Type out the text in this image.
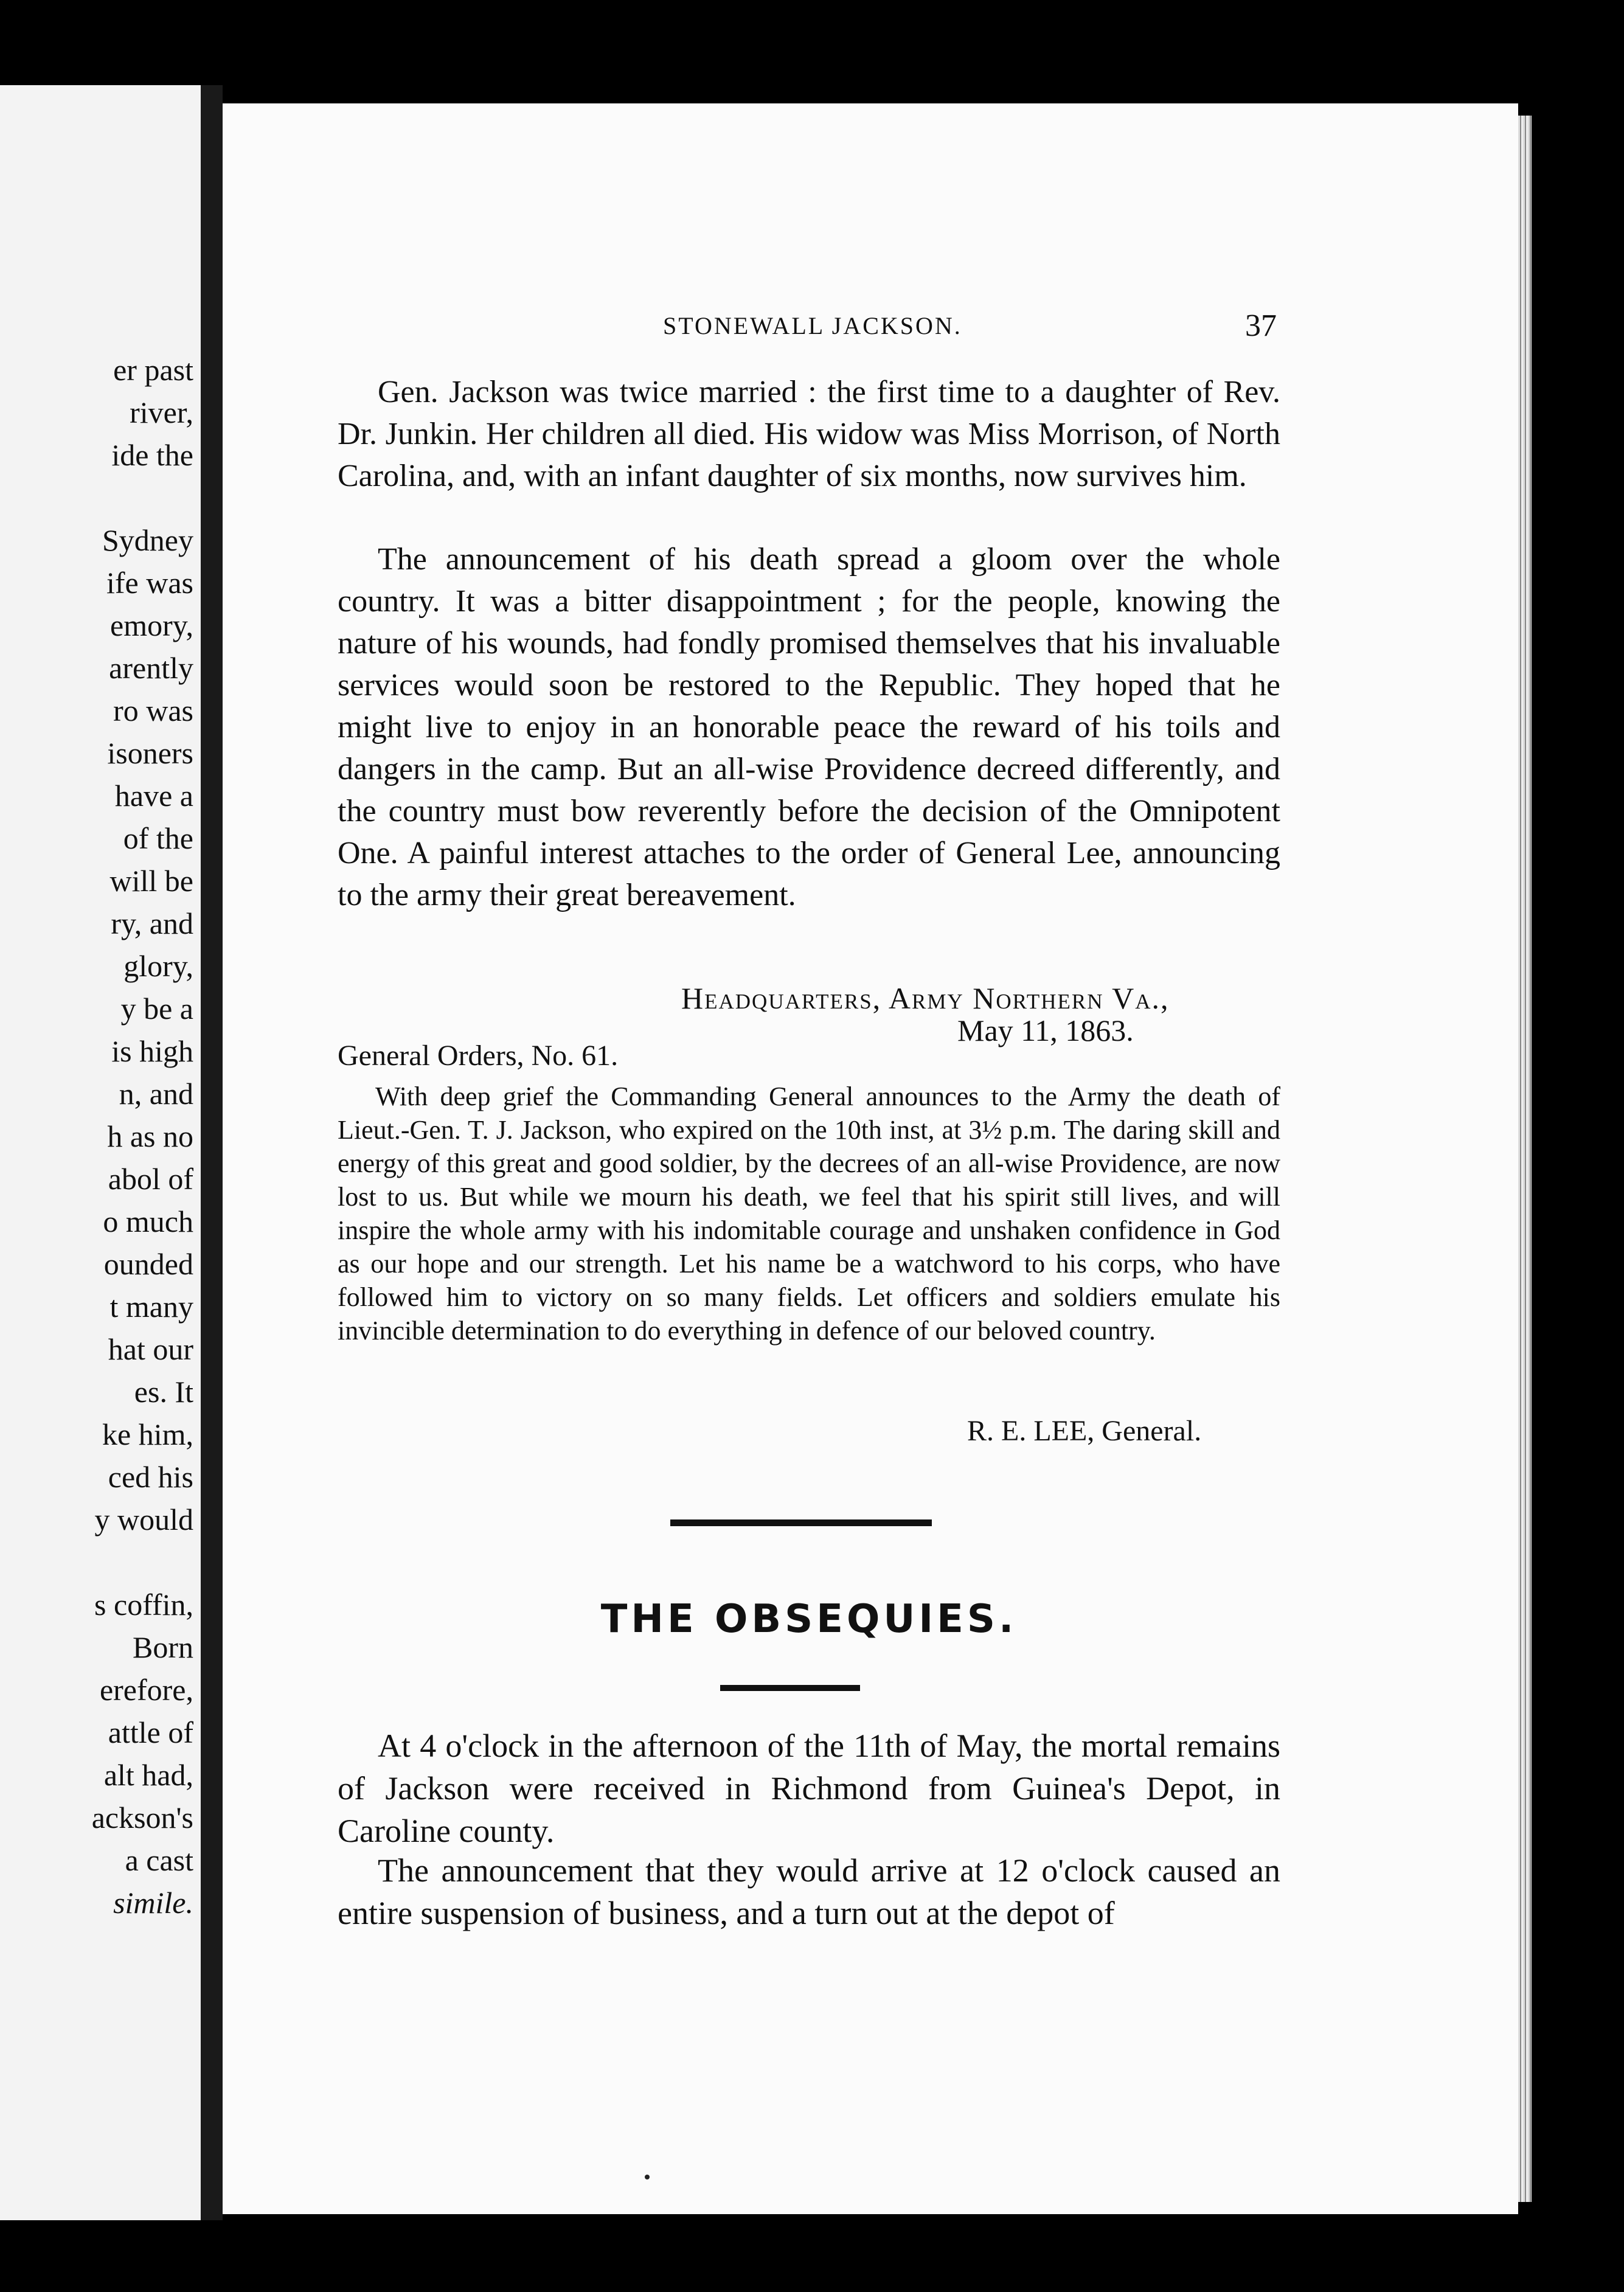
er past
river,
ide the
Sydney
ife was
emory,
arently
ro was
isoners
have a
of the
will be
ry, and
glory,
y be a
is high
n, and
h as no
abol of
o much
ounded
t many
hat our
es. It
ke him,
ced his
y would
s coffin,
Born
erefore,
attle of
alt had,
ackson's
a cast
simile.
STONEWALL JACKSON.	37

Gen. Jackson was twice married : the first time to a daughter of Rev. Dr. Junkin. Her children all died. His widow was Miss Morrison, of North Carolina, and, with an infant daughter of six months, now survives him.

The announcement of his death spread a gloom over the whole country. It was a bitter disappointment ; for the people, knowing the nature of his wounds, had fondly promised themselves that his invaluable services would soon be restored to the Republic. They hoped that he might live to enjoy in an honorable peace the reward of his toils and dangers in the camp. But an all-wise Providence decreed differently, and the country must bow reverently before the decision of the Omnipotent One. A painful interest attaches to the order of General Lee, announcing to the army their great bereavement.

Headquarters, Army Northern Va.,
May 11, 1863.
General Orders, No. 61.

With deep grief the Commanding General announces to the Army the death of Lieut.-Gen. T. J. Jackson, who expired on the 10th inst, at 3½ p.m. The daring skill and energy of this great and good soldier, by the decrees of an all-wise Providence, are now lost to us. But while we mourn his death, we feel that his spirit still lives, and will inspire the whole army with his indomitable courage and unshaken confidence in God as our hope and our strength. Let his name be a watchword to his corps, who have followed him to victory on so many fields. Let officers and soldiers emulate his invincible determination to do everything in defence of our beloved country.

R. E. LEE, General.
THE OBSEQUIES.

At 4 o'clock in the afternoon of the 11th of May, the mortal remains of Jackson were received in Richmond from Guinea's Depot, in Caroline county.

The announcement that they would arrive at 12 o'clock caused an entire suspension of business, and a turn out at the depot of
